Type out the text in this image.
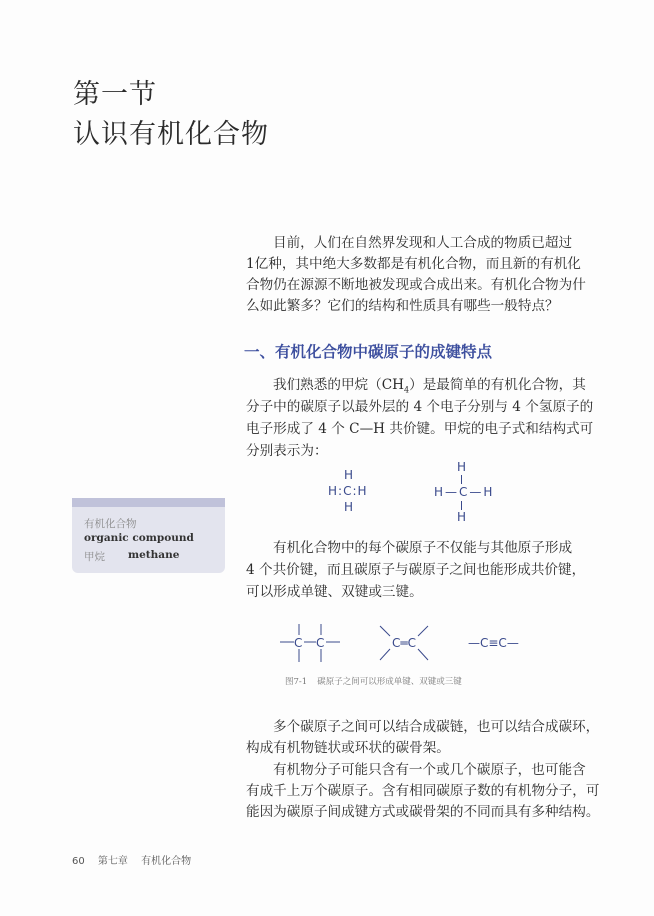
第一节
认识有机化合物
目前，人们在自然界发现和人工合成的物质已超过
1亿种，其中绝大多数都是有机化合物，而且新的有机化
合物仍在源源不断地被发现或合成出来。有机化合物为什
么如此繁多？它们的结构和性质具有哪些一般特点？
一、有机化合物中碳原子的成键特点
我们熟悉的甲烷$(CH_4)$是最简单的有机化合物，其
分子中的碳原子以最外层的 4 个电子分别与 4 个氢原子的
电子形成了 4 个 C—H 共价键。甲烷的电子式和结构式可
分别表示为：
H
H:C:H
H
H
H—C—H
H
有机化合物
organic compound
甲烷 methane	有机化合物中的每个碳原子不仅能与其他原子形成
4 个共价键，而且碳原子与碳原子之间也能形成共价键，
可以形成单键、双键或三键。
C C	C═C	—C≡C—
图7-1 碳原子之间可以形成单键、双键或三键
多个碳原子之间可以结合成碳链，也可以结合成碳环，
构成有机物链状或环状的碳骨架。
有机物分子可能只含有一个或几个碳原子，也可能含
有成千上万个碳原子。含有相同碳原子数的有机物分子，可
能因为碳原子间成键方式或碳骨架的不同而具有多种结构。
60 第七章 有机化合物
